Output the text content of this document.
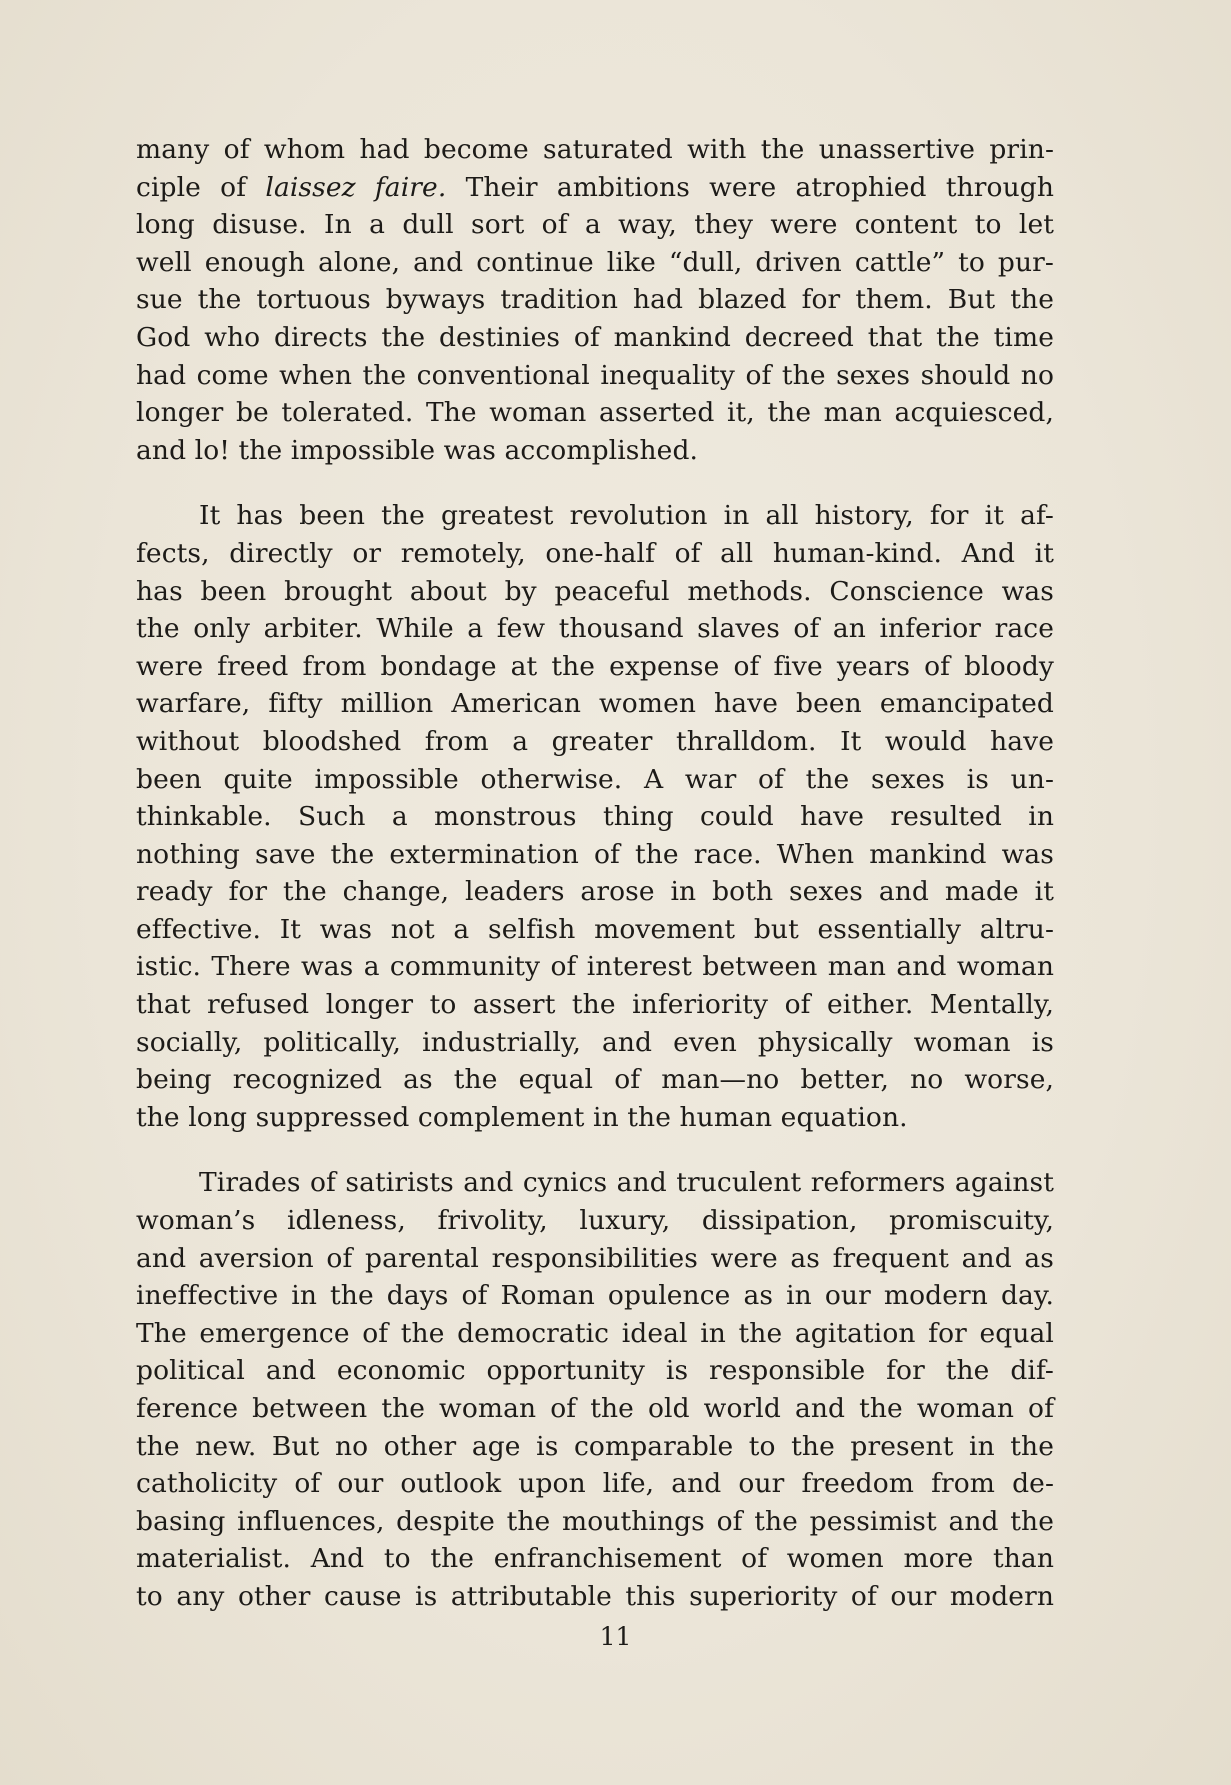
many of whom had become saturated with the unassertive prin-
ciple of laissez faire. Their ambitions were atrophied through
long disuse. In a dull sort of a way, they were content to let
well enough alone, and continue like “dull, driven cattle” to pur-
sue the tortuous byways tradition had blazed for them. But the
God who directs the destinies of mankind decreed that the time
had come when the conventional inequality of the sexes should no
longer be tolerated. The woman asserted it, the man acquiesced,
and lo! the impossible was accomplished.
It has been the greatest revolution in all history, for it af-
fects, directly or remotely, one-half of all human-kind. And it
has been brought about by peaceful methods. Conscience was
the only arbiter. While a few thousand slaves of an inferior race
were freed from bondage at the expense of five years of bloody
warfare, fifty million American women have been emancipated
without bloodshed from a greater thralldom. It would have
been quite impossible otherwise. A war of the sexes is un-
thinkable. Such a monstrous thing could have resulted in
nothing save the extermination of the race. When mankind was
ready for the change, leaders arose in both sexes and made it
effective. It was not a selfish movement but essentially altru-
istic. There was a community of interest between man and woman
that refused longer to assert the inferiority of either. Mentally,
socially, politically, industrially, and even physically woman is
being recognized as the equal of man—no better, no worse,
the long suppressed complement in the human equation.
Tirades of satirists and cynics and truculent reformers against
woman’s idleness, frivolity, luxury, dissipation, promiscuity,
and aversion of parental responsibilities were as frequent and as
ineffective in the days of Roman opulence as in our modern day.
The emergence of the democratic ideal in the agitation for equal
political and economic opportunity is responsible for the dif-
ference between the woman of the old world and the woman of
the new. But no other age is comparable to the present in the
catholicity of our outlook upon life, and our freedom from de-
basing influences, despite the mouthings of the pessimist and the
materialist. And to the enfranchisement of women more than
to any other cause is attributable this superiority of our modern
11
